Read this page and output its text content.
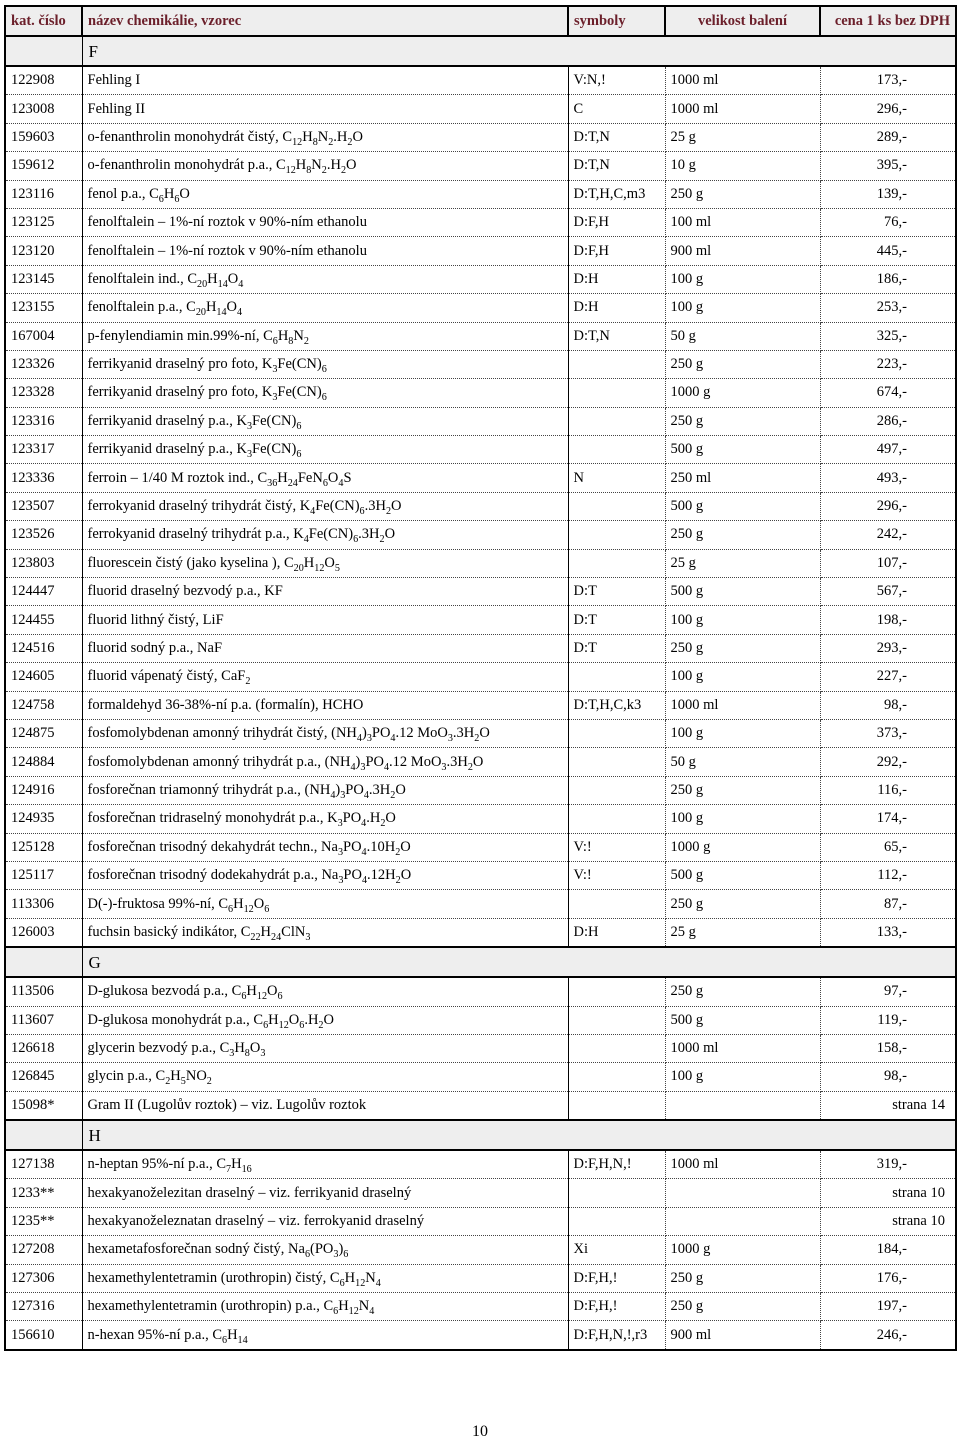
kat. číslo	název chemikálie, vzorec	symboly	velikost balení	cena 1 ks bez DPH
	F			
122908	Fehling I	V:N,!	1000 ml	173,-
123008	Fehling II	C	1000 ml	296,-
159603	o-fenanthrolin monohydrát čistý, $C_{12}H_8N_2.H_2O$	D:T,N	25 g	289,-
159612	o-fenanthrolin monohydrát p.a., $C_{12}H_8N_2.H_2O$	D:T,N	10 g	395,-
123116	fenol p.a., $C_6H_6O$	D:T,H,C,m3	250 g	139,-
123125	fenolftalein – 1%-ní roztok v 90%-ním ethanolu	D:F,H	100 ml	76,-
123120	fenolftalein – 1%-ní roztok v 90%-ním ethanolu	D:F,H	900 ml	445,-
123145	fenolftalein ind., $C_{20}H_{14}O_4$	D:H	100 g	186,-
123155	fenolftalein p.a., $C_{20}H_{14}O_4$	D:H	100 g	253,-
167004	p-fenylendiamin min.99%-ní, $C_6H_8N_2$	D:T,N	50 g	325,-
123326	ferrikyanid draselný pro foto, $K_3Fe(CN)_6$		250 g	223,-
123328	ferrikyanid draselný pro foto, $K_3Fe(CN)_6$		1000 g	674,-
123316	ferrikyanid draselný p.a., $K_3Fe(CN)_6$		250 g	286,-
123317	ferrikyanid draselný p.a., $K_3Fe(CN)_6$		500 g	497,-
123336	ferroin – 1/40 M roztok ind., $C_{36}H_{24}FeN_6O_4S$	N	250 ml	493,-
123507	ferrokyanid draselný trihydrát čistý, $K_4Fe(CN)_6.3H_2O$		500 g	296,-
123526	ferrokyanid draselný trihydrát p.a., $K_4Fe(CN)_6.3H_2O$		250 g	242,-
123803	fluorescein čistý (jako kyselina ), $C_{20}H_{12}O_5$		25 g	107,-
124447	fluorid draselný bezvodý p.a., KF	D:T	500 g	567,-
124455	fluorid lithný čistý, LiF	D:T	100 g	198,-
124516	fluorid sodný p.a., NaF	D:T	250 g	293,-
124605	fluorid vápenatý čistý, CaF$_2$		100 g	227,-
124758	formaldehyd 36-38%-ní p.a. (formalín), HCHO	D:T,H,C,k3	1000 ml	98,-
124875	fosfomolybdenan amonný trihydrát čistý, $(NH_4)_3PO_4.12$ $MoO_3.3H_2O$		100 g	373,-
124884	fosfomolybdenan amonný trihydrát p.a., $(NH_4)_3PO_4.12$ $MoO_3.3H_2O$		50 g	292,-
124916	fosforečnan triamonný trihydrát p.a., $(NH_4)_3PO_4.3H_2O$		250 g	116,-
124935	fosforečnan tridraselný monohydrát p.a., $K_3PO_4.H_2O$		100 g	174,-
125128	fosforečnan trisodný dekahydrát techn., $Na_3PO_4.10H_2O$	V:!	1000 g	65,-
125117	fosforečnan trisodný dodekahydrát p.a., $Na_3PO_4.12H_2O$	V:!	500 g	112,-
113306	D(-)-fruktosa 99%-ní, $C_6H_{12}O_6$		250 g	87,-
126003	fuchsin basický indikátor, $C_{22}H_{24}ClN_3$	D:H	25 g	133,-
	G			
113506	D-glukosa bezvodá p.a., $C_6H_{12}O_6$		250 g	97,-
113607	D-glukosa monohydrát p.a., $C_6H_{12}O_6.H_2O$		500 g	119,-
126618	glycerin bezvodý p.a., $C_3H_8O_3$		1000 ml	158,-
126845	glycin p.a., $C_2H_5NO_2$		100 g	98,-
15098*	Gram II (Lugolův roztok) – viz. Lugolův roztok			strana 14
	H			
127138	n-heptan 95%-ní p.a., $C_7H_{16}$	D:F,H,N,!	1000 ml	319,-
1233**	hexakyanoželezitan draselný – viz. ferrikyanid draselný			strana 10
1235**	hexakyanoželeznatan draselný – viz. ferrokyanid draselný			strana 10
127208	hexametafosforečnan sodný čistý, $Na_6(PO_3)_6$	Xi	1000 g	184,-
127306	hexamethylentetramin (urothropin) čistý, $C_6H_{12}N_4$	D:F,H,!	250 g	176,-
127316	hexamethylentetramin (urothropin) p.a., $C_6H_{12}N_4$	D:F,H,!	250 g	197,-
156610	n-hexan 95%-ní p.a., $C_6H_{14}$	D:F,H,N,!,r3	900 ml	246,-
10
